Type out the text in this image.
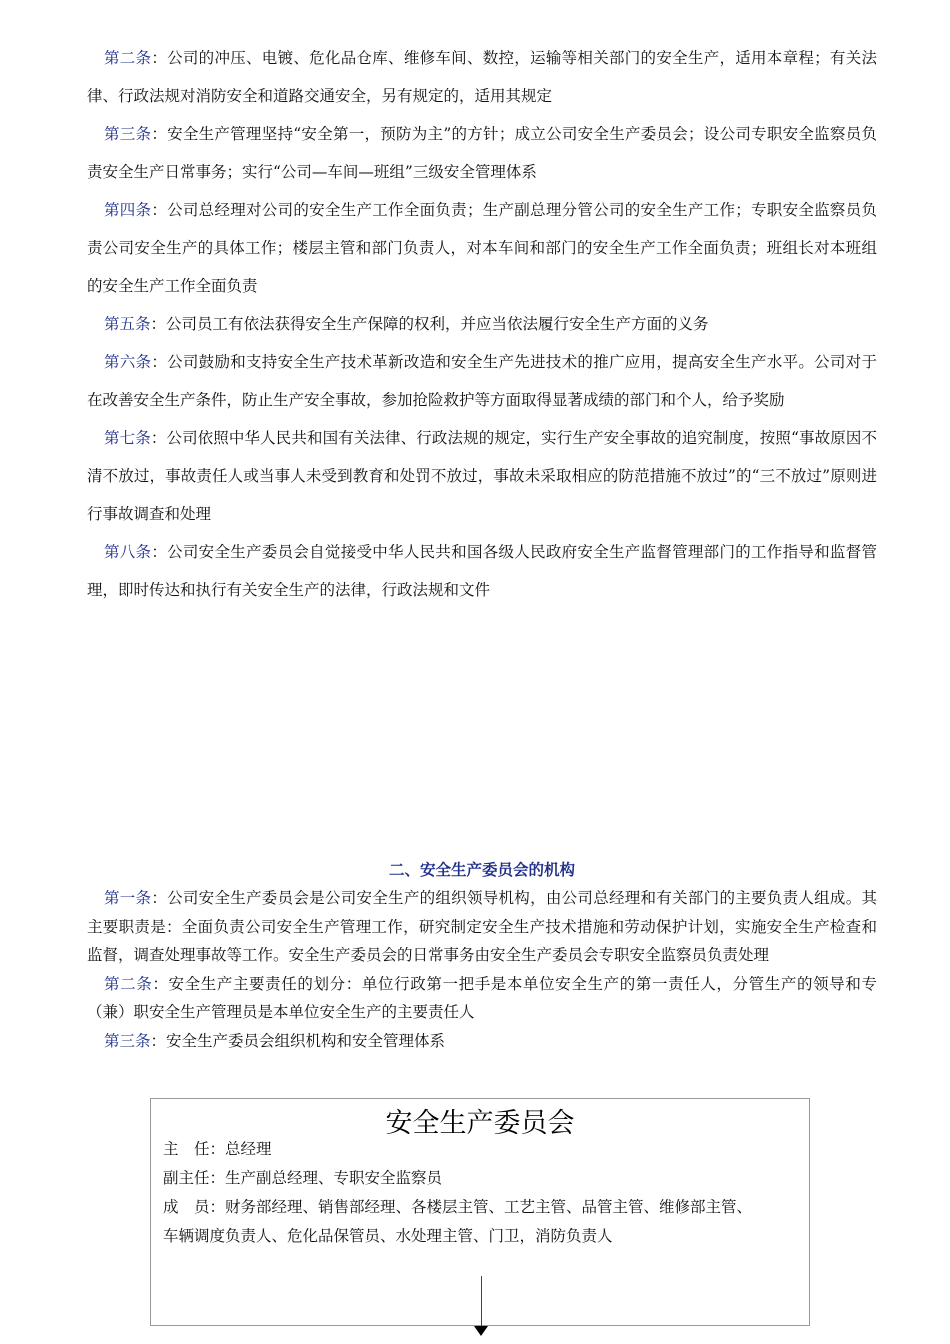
第二条：公司的冲压、电镀、危化品仓库、维修车间、数控，运输等相关部门的安全生产，适用本章程；有关法律、行政法规对消防安全和道路交通安全，另有规定的，适用其规定

第三条：安全生产管理坚持“安全第一，预防为主”的方针；成立公司安全生产委员会；设公司专职安全监察员负责安全生产日常事务；实行“公司—车间—班组”三级安全管理体系

第四条：公司总经理对公司的安全生产工作全面负责；生产副总理分管公司的安全生产工作；专职安全监察员负责公司安全生产的具体工作；楼层主管和部门负责人，对本车间和部门的安全生产工作全面负责；班组长对本班组的安全生产工作全面负责

第五条：公司员工有依法获得安全生产保障的权利，并应当依法履行安全生产方面的义务

第六条：公司鼓励和支持安全生产技术革新改造和安全生产先进技术的推广应用，提高安全生产水平。公司对于在改善安全生产条件，防止生产安全事故，参加抢险救护等方面取得显著成绩的部门和个人，给予奖励

第七条：公司依照中华人民共和国有关法律、行政法规的规定，实行生产安全事故的追究制度，按照“事故原因不清不放过，事故责任人或当事人未受到教育和处罚不放过，事故未采取相应的防范措施不放过”的“三不放过”原则进行事故调查和处理

第八条：公司安全生产委员会自觉接受中华人民共和国各级人民政府安全生产监督管理部门的工作指导和监督管理，即时传达和执行有关安全生产的法律，行政法规和文件

二、安全生产委员会的机构

第一条：公司安全生产委员会是公司安全生产的组织领导机构，由公司总经理和有关部门的主要负责人组成。其主要职责是：全面负责公司安全生产管理工作，研究制定安全生产技术措施和劳动保护计划，实施安全生产检查和监督，调查处理事故等工作。安全生产委员会的日常事务由安全生产委员会专职安全监察员负责处理

第二条：安全生产主要责任的划分：单位行政第一把手是本单位安全生产的第一责任人，分管生产的领导和专（兼）职安全生产管理员是本单位安全生产的主要责任人

第三条：安全生产委员会组织机构和安全管理体系

安全生产委员会
主　任：总经理
副主任：生产副总经理、专职安全监察员
成　员：财务部经理、销售部经理、各楼层主管、工艺主管、品管主管、维修部主管、
车辆调度负责人、危化品保管员、水处理主管、门卫，消防负责人
